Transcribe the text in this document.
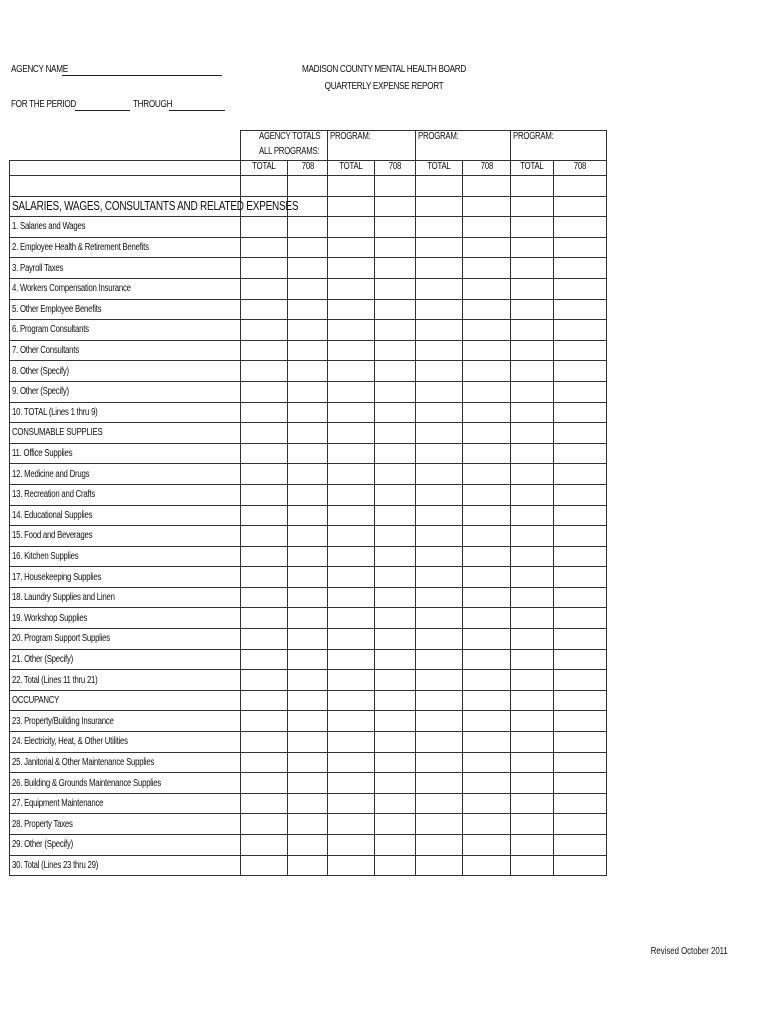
AGENCY NAME
FOR THE PERIOD	THROUGH
MADISON COUNTY MENTAL HEALTH BOARD
QUARTERLY EXPENSE REPORT
	AGENCY TOTALS		PROGRAM:		PROGRAM:		PROGRAM:	
	ALL PROGRAMS:							
	TOTAL	708	TOTAL	708	TOTAL	708	TOTAL	708

SALARIES, WAGES, CONSULTANTS AND RELATED EXPENSES								
1. Salaries and Wages								
2. Employee Health & Retirement Benefits								
3. Payroll Taxes								
4. Workers Compensation Insurance								
5. Other Employee Benefits								
6. Program Consultants								
7. Other Consultants								
8. Other (Specify)								
9. Other (Specify)								
10. TOTAL (Lines 1 thru 9)								
CONSUMABLE SUPPLIES								
11. Office Supplies								
12. Medicine and Drugs								
13. Recreation and Crafts								
14. Educational Supplies								
15. Food and Beverages								
16. Kitchen Supplies								
17. Housekeeping Supplies								
18. Laundry Supplies and Linen								
19. Workshop Supplies								
20. Program Support Supplies								
21. Other (Specify)								
22. Total (Lines 11 thru 21)								
OCCUPANCY								
23. Property/Building Insurance								
24. Electricity, Heat, & Other Utilities								
25. Janitorial & Other Maintenance Supplies								
26. Building & Grounds Maintenance Supplies								
27. Equipment Maintenance								
28. Property Taxes								
29. Other (Specify)								
30. Total (Lines 23 thru 29)								
Revised October 2011
